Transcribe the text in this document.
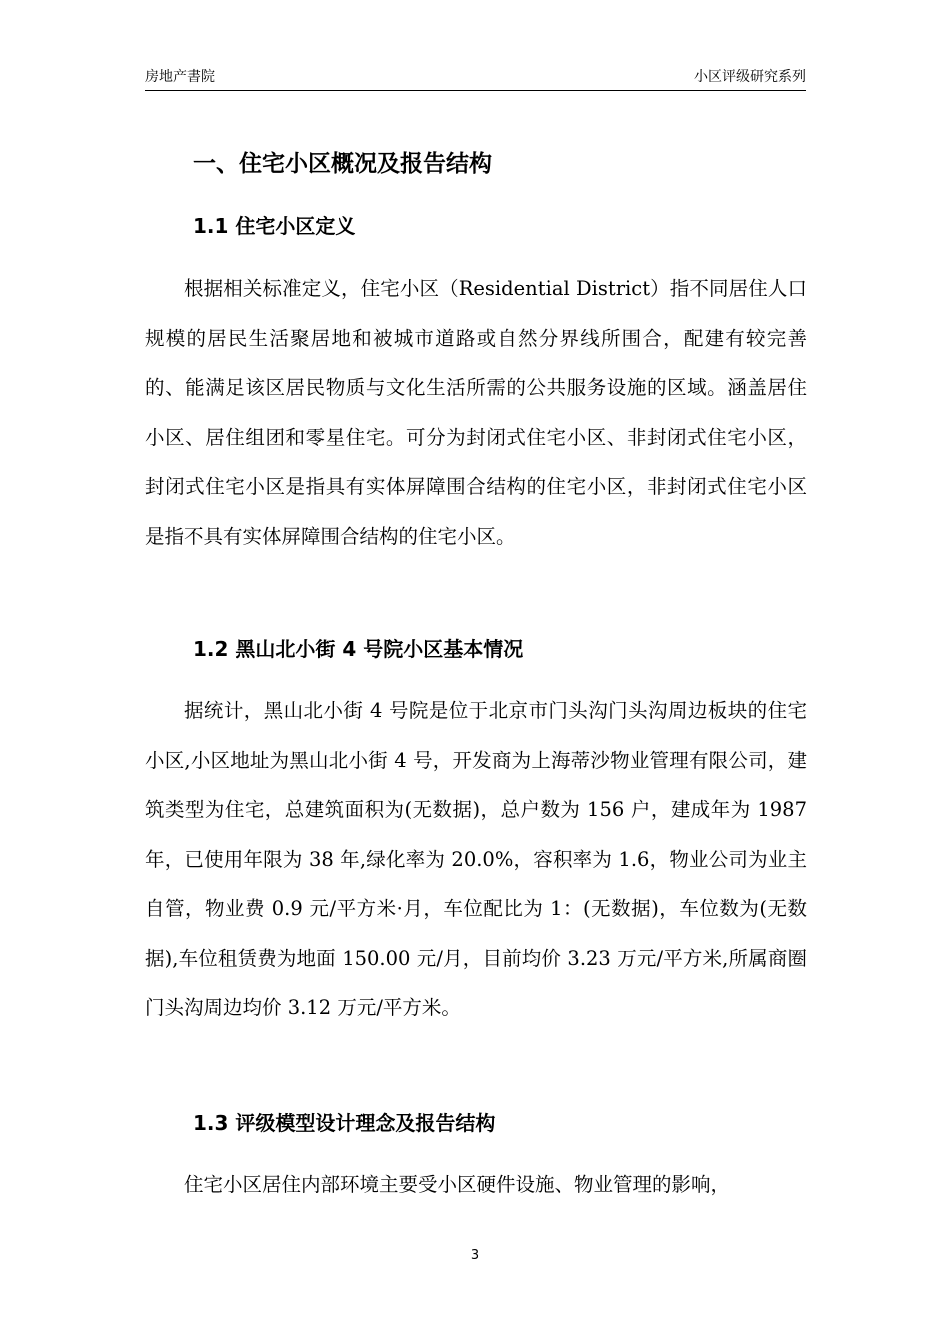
房地产書院	小区评级研究系列
一、住宅小区概况及报告结构
1.1 住宅小区定义

根据相关标准定义，住宅小区（Residential District）指不同居住人口规模的居民生活聚居地和被城市道路或自然分界线所围合，配建有较完善的、能满足该区居民物质与文化生活所需的公共服务设施的区域。涵盖居住小区、居住组团和零星住宅。可分为封闭式住宅小区、非封闭式住宅小区，封闭式住宅小区是指具有实体屏障围合结构的住宅小区，非封闭式住宅小区是指不具有实体屏障围合结构的住宅小区。

1.2 黑山北小街 4 号院小区基本情况

据统计，黑山北小街 4 号院是位于北京市门头沟门头沟周边板块的住宅小区,小区地址为黑山北小街 4 号，开发商为上海蒂沙物业管理有限公司，建筑类型为住宅，总建筑面积为(无数据)，总户数为 156 户，建成年为 1987 年，已使用年限为 38 年,绿化率为 20.0%，容积率为 1.6，物业公司为业主自管，物业费 0.9 元/平方米·月，车位配比为 1：(无数据)，车位数为(无数据),车位租赁费为地面 150.00 元/月，目前均价 3.23 万元/平方米,所属商圈门头沟周边均价 3.12 万元/平方米。

1.3 评级模型设计理念及报告结构

住宅小区居住内部环境主要受小区硬件设施、物业管理的影响，

3
